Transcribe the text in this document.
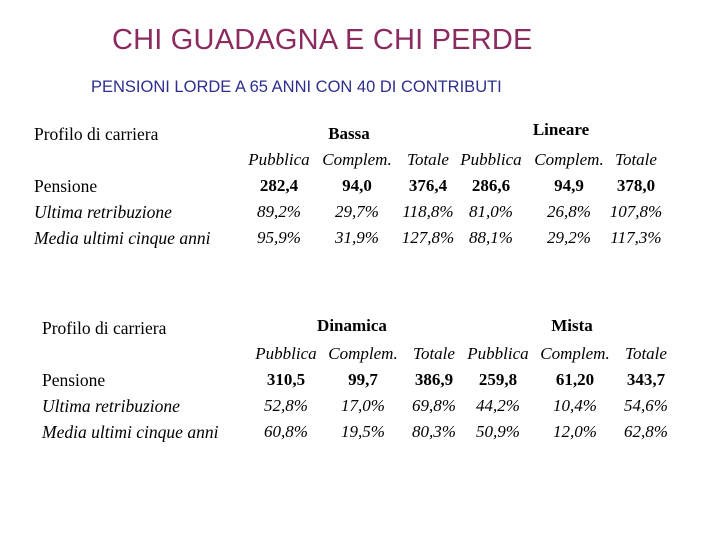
CHI GUADAGNA E CHI PERDE
PENSIONI LORDE A 65 ANNI CON 40 DI CONTRIBUTI
Profilo di carriera	Bassa	Lineare
Pubblica Complem. Totale Pubblica Complem. Totale
Pensione	282,4	94,0	376,4	286,6	94,9	378,0
Ultima retribuzione	89,2%	29,7%	118,8% 81,0%	26,8%	107,8%
Media ultimi cinque anni	95,9%	31,9%	127,8% 88,1%	29,2%	117,3%
Profilo di carriera	Dinamica	Mista
Pubblica Complem. Totale Pubblica Complem. Totale
Pensione	310,5	99,7	386,9	259,8	61,20	343,7
Ultima retribuzione	52,8%	17,0%	69,8%	44,2%	10,4%	54,6%
Media ultimi cinque anni	60,8%	19,5%	80,3%	50,9%	12,0%	62,8%
